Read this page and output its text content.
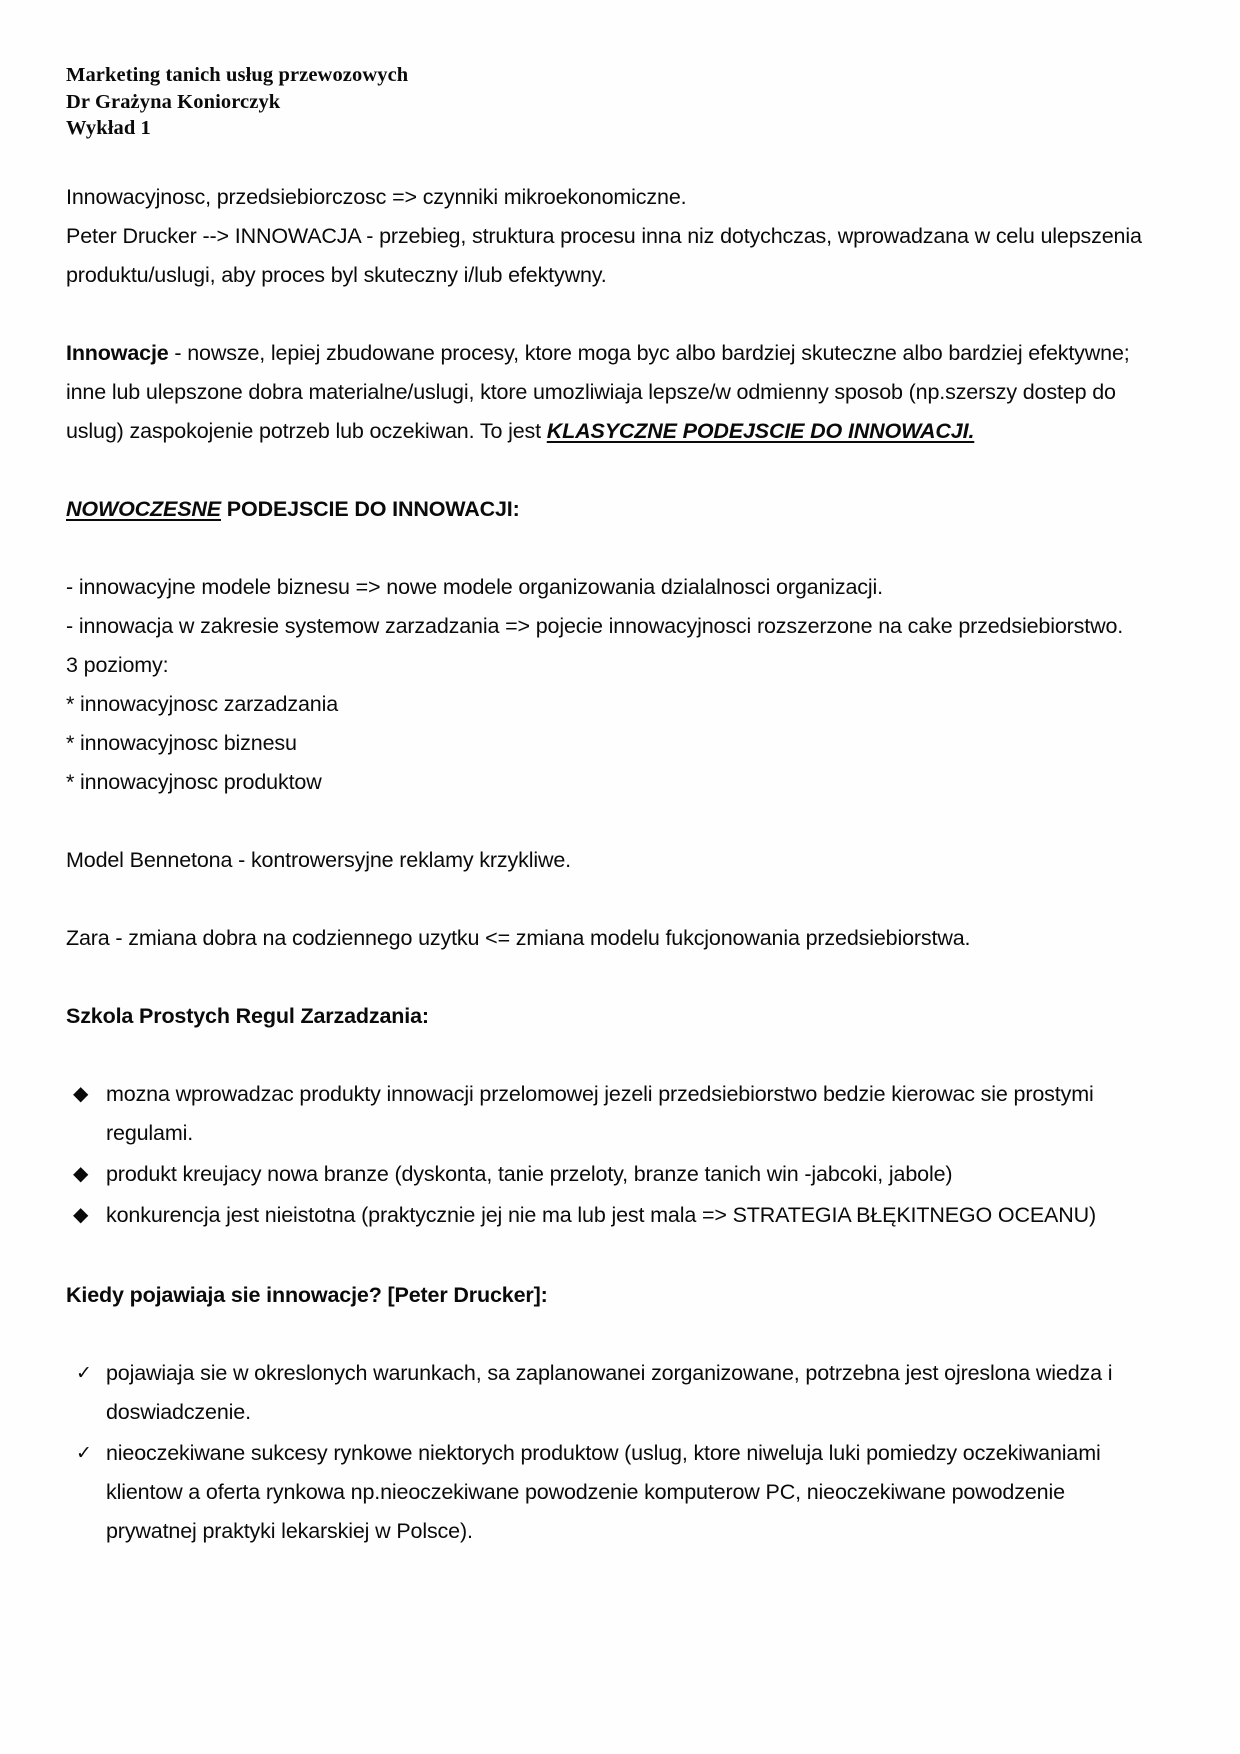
Marketing tanich usług przewozowych
Dr Grażyna Koniorczyk
Wykład 1

Innowacyjnosc, przedsiebiorczosc => czynniki mikroekonomiczne.

Peter Drucker --> INNOWACJA - przebieg, struktura procesu inna niz dotychczas, wprowadzana w celu ulepszenia produktu/uslugi, aby proces byl skuteczny i/lub efektywny.

Innowacje - nowsze, lepiej zbudowane procesy, ktore moga byc albo bardziej skuteczne albo bardziej efektywne; inne lub ulepszone dobra materialne/uslugi, ktore umozliwiaja lepsze/w odmienny sposob (np.szerszy dostep do uslug) zaspokojenie potrzeb lub oczekiwan. To jest KLASYCZNE PODEJSCIE DO INNOWACJI.

NOWOCZESNE PODEJSCIE DO INNOWACJI:

- innowacyjne modele biznesu => nowe modele organizowania dzialalnosci organizacji.

- innowacja w zakresie systemow zarzadzania => pojecie innowacyjnosci rozszerzone na cake przedsiebiorstwo.

3 poziomy:

* innowacyjnosc zarzadzania

* innowacyjnosc biznesu

* innowacyjnosc produktow

Model Bennetona - kontrowersyjne reklamy krzykliwe.

Zara - zmiana dobra na codziennego uzytku <= zmiana modelu fukcjonowania przedsiebiorstwa.

Szkola Prostych Regul Zarzadzania:

◆ mozna wprowadzac produkty innowacji przelomowej jezeli przedsiebiorstwo bedzie kierowac sie prostymi regulami.
◆ produkt kreujacy nowa branze (dyskonta, tanie przeloty, branze tanich win -jabcoki, jabole)
◆ konkurencja jest nieistotna (praktycznie jej nie ma lub jest mala => STRATEGIA BŁĘKITNEGO OCEANU)

Kiedy pojawiaja sie innowacje? [Peter Drucker]:

✓ pojawiaja sie w okreslonych warunkach, sa zaplanowanei zorganizowane, potrzebna jest ojreslona wiedza i doswiadczenie.
✓ nieoczekiwane sukcesy rynkowe niektorych produktow (uslug, ktore niweluja luki pomiedzy oczekiwaniami klientow a oferta rynkowa np.nieoczekiwane powodzenie komputerow PC, nieoczekiwane powodzenie prywatnej praktyki lekarskiej w Polsce).
